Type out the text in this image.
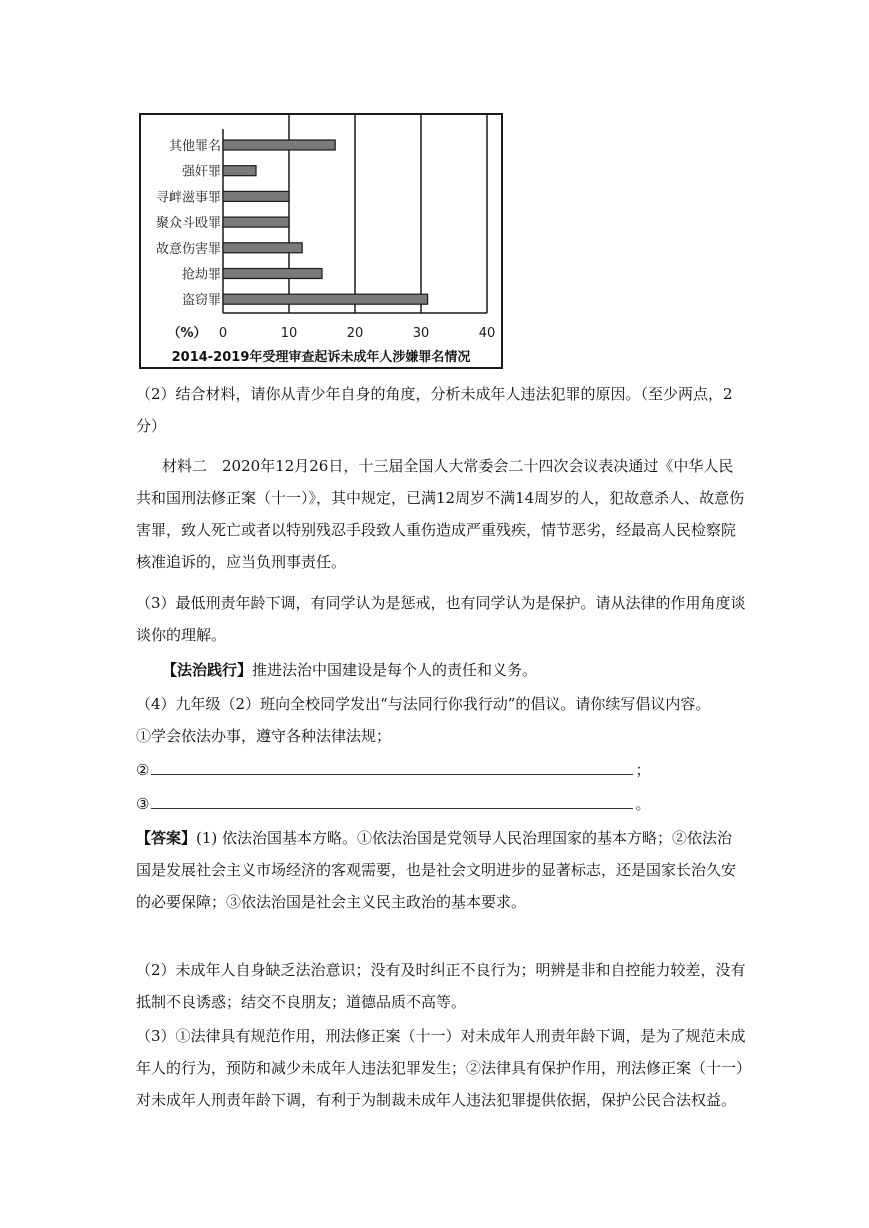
其他罪名
强奸罪
寻衅滋事罪
聚众斗殴罪
故意伤害罪
抢劫罪
盗窃罪
0	10	20	30	40
（%）
2014-2019年受理审查起诉未成年人涉嫌罪名情况

（2）结合材料，请你从青少年自身的角度，分析未成年人违法犯罪的原因。（至少两点，2分）

材料二　2020年12月26日，十三届全国人大常委会二十四次会议表决通过《中华人民共和国刑法修正案（十一）》，其中规定，已满12周岁不满14周岁的人，犯故意杀人、故意伤害罪，致人死亡或者以特别残忍手段致人重伤造成严重残疾，情节恶劣，经最高人民检察院核准追诉的，应当负刑事责任。

（3）最低刑责年龄下调，有同学认为是惩戒，也有同学认为是保护。请从法律的作用角度谈谈你的理解。

【法治践行】推进法治中国建设是每个人的责任和义务。

（4）九年级（2）班向全校同学发出“与法同行你我行动”的倡议。请你续写倡议内容。

①学会依法办事，遵守各种法律法规；

②	；
③	。

【答案】(1) 依法治国基本方略。①依法治国是党领导人民治理国家的基本方略；②依法治国是发展社会主义市场经济的客观需要，也是社会文明进步的显著标志，还是国家长治久安的必要保障；③依法治国是社会主义民主政治的基本要求。

（2）未成年人自身缺乏法治意识；没有及时纠正不良行为；明辨是非和自控能力较差，没有抵制不良诱惑；结交不良朋友；道德品质不高等。

（3）①法律具有规范作用，刑法修正案（十一）对未成年人刑责年龄下调，是为了规范未成年人的行为，预防和减少未成年人违法犯罪发生；②法律具有保护作用，刑法修正案（十一）对未成年人刑责年龄下调，有利于为制裁未成年人违法犯罪提供依据，保护公民合法权益。
